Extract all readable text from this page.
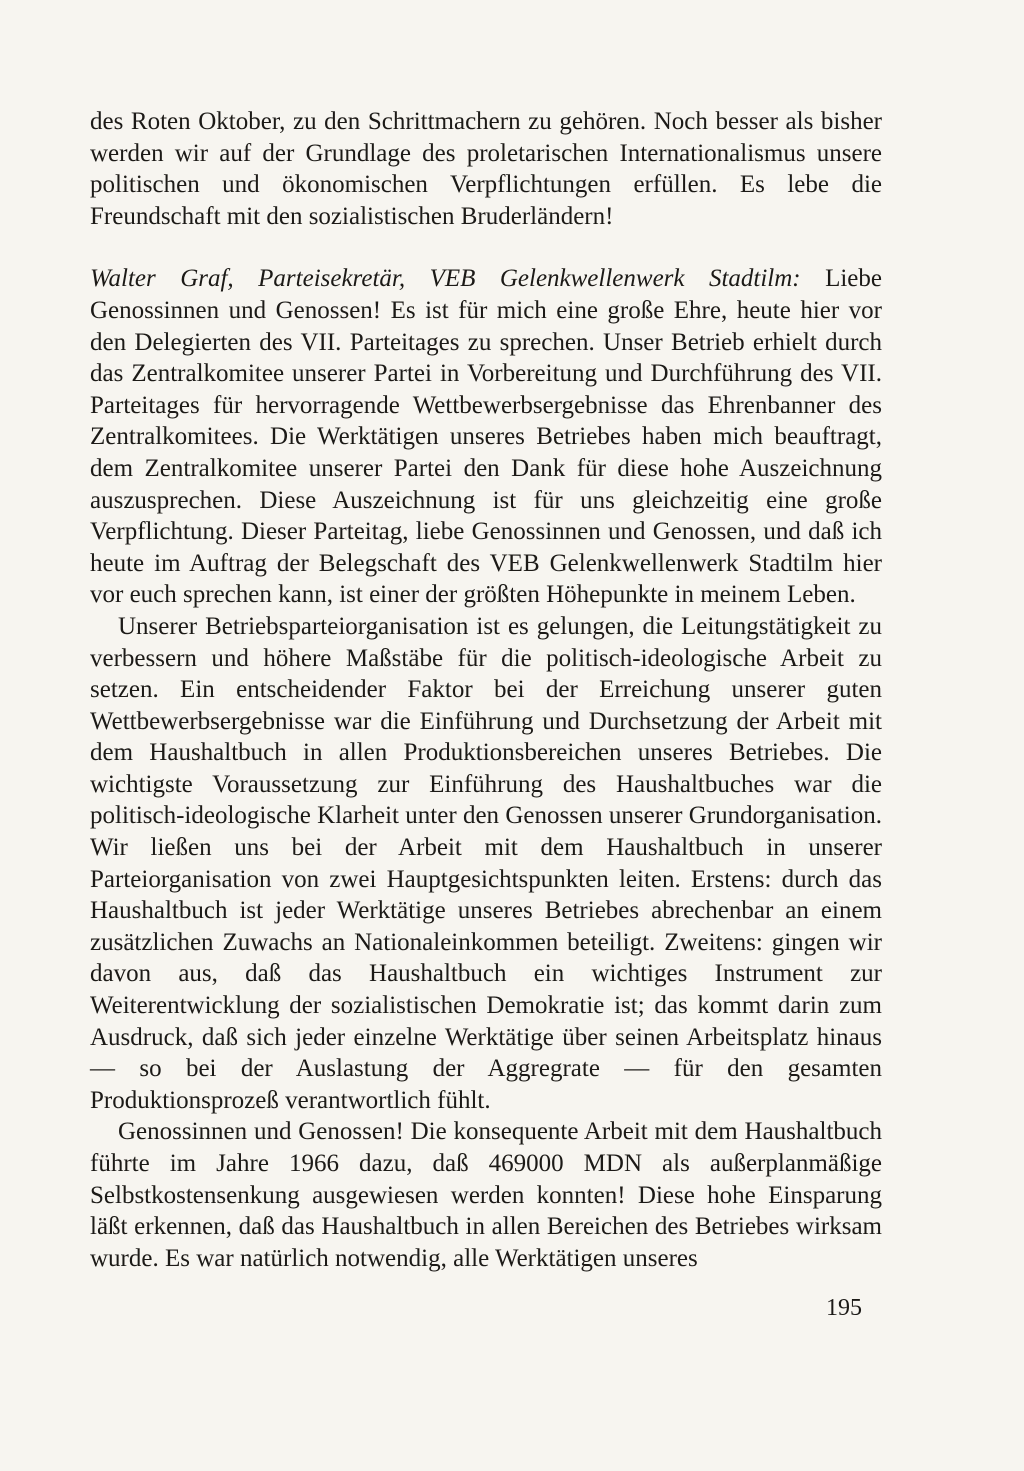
des Roten Oktober, zu den Schrittmachern zu gehören. Noch besser als bisher werden wir auf der Grundlage des proletarischen Internationalismus unsere politischen und ökonomischen Verpflichtungen erfüllen. Es lebe die Freundschaft mit den sozialistischen Bruderländern!

Walter Graf, Parteisekretär, VEB Gelenkwellenwerk Stadtilm: Liebe Genossinnen und Genossen! Es ist für mich eine große Ehre, heute hier vor den Delegierten des VII. Parteitages zu sprechen. Unser Betrieb erhielt durch das Zentralkomitee unserer Partei in Vorbereitung und Durchführung des VII. Parteitages für hervorragende Wettbewerbsergebnisse das Ehrenbanner des Zentralkomitees. Die Werktätigen unseres Betriebes haben mich beauftragt, dem Zentralkomitee unserer Partei den Dank für diese hohe Auszeichnung auszusprechen. Diese Auszeichnung ist für uns gleichzeitig eine große Verpflichtung. Dieser Parteitag, liebe Genossinnen und Genossen, und daß ich heute im Auftrag der Belegschaft des VEB Gelenkwellenwerk Stadtilm hier vor euch sprechen kann, ist einer der größten Höhepunkte in meinem Leben.

Unserer Betriebsparteiorganisation ist es gelungen, die Leitungstätigkeit zu verbessern und höhere Maßstäbe für die politisch-ideologische Arbeit zu setzen. Ein entscheidender Faktor bei der Erreichung unserer guten Wettbewerbsergebnisse war die Einführung und Durchsetzung der Arbeit mit dem Haushaltbuch in allen Produktionsbereichen unseres Betriebes. Die wichtigste Voraussetzung zur Einführung des Haushaltbuches war die politisch-ideologische Klarheit unter den Genossen unserer Grundorganisation. Wir ließen uns bei der Arbeit mit dem Haushaltbuch in unserer Parteiorganisation von zwei Hauptgesichtspunkten leiten. Erstens: durch das Haushaltbuch ist jeder Werktätige unseres Betriebes abrechenbar an einem zusätzlichen Zuwachs an Nationaleinkommen beteiligt. Zweitens: gingen wir davon aus, daß das Haushaltbuch ein wichtiges Instrument zur Weiterentwicklung der sozialistischen Demokratie ist; das kommt darin zum Ausdruck, daß sich jeder einzelne Werktätige über seinen Arbeitsplatz hinaus — so bei der Auslastung der Aggregrate — für den gesamten Produktionsprozeß verantwortlich fühlt.

Genossinnen und Genossen! Die konsequente Arbeit mit dem Haushaltbuch führte im Jahre 1966 dazu, daß 469000 MDN als außerplanmäßige Selbstkostensenkung ausgewiesen werden konnten! Diese hohe Einsparung läßt erkennen, daß das Haushaltbuch in allen Bereichen des Betriebes wirksam wurde. Es war natürlich notwendig, alle Werktätigen unseres

195
